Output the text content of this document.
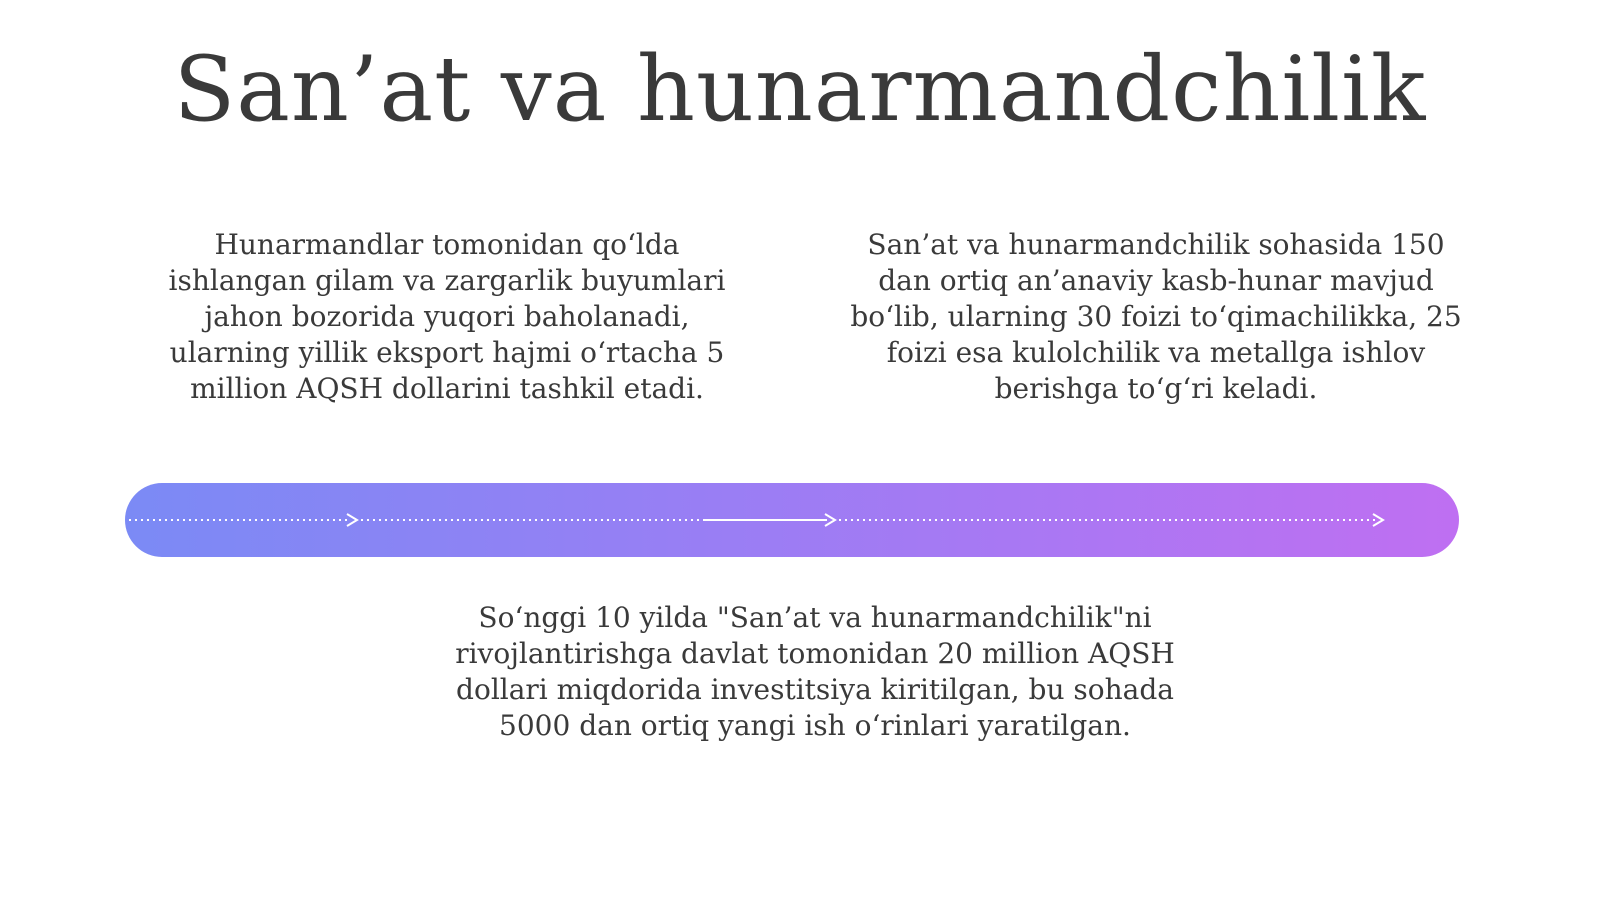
San’at va hunarmandchilik

Hunarmandlar tomonidan qo‘lda ishlangan gilam va zargarlik buyumlari jahon bozorida yuqori baholanadi, ularning yillik eksport hajmi o‘rtacha 5 million AQSH dollarini tashkil etadi.

San’at va hunarmandchilik sohasida 150 dan ortiq an’anaviy kasb-hunar mavjud bo‘lib, ularning 30 foizi to‘qimachilikka, 25 foizi esa kulolchilik va metallga ishlov berishga to‘g‘ri keladi.

So‘nggi 10 yilda "San’at va hunarmandchilik"ni rivojlantirishga davlat tomonidan 20 million AQSH dollari miqdorida investitsiya kiritilgan, bu sohada 5000 dan ortiq yangi ish o‘rinlari yaratilgan.
